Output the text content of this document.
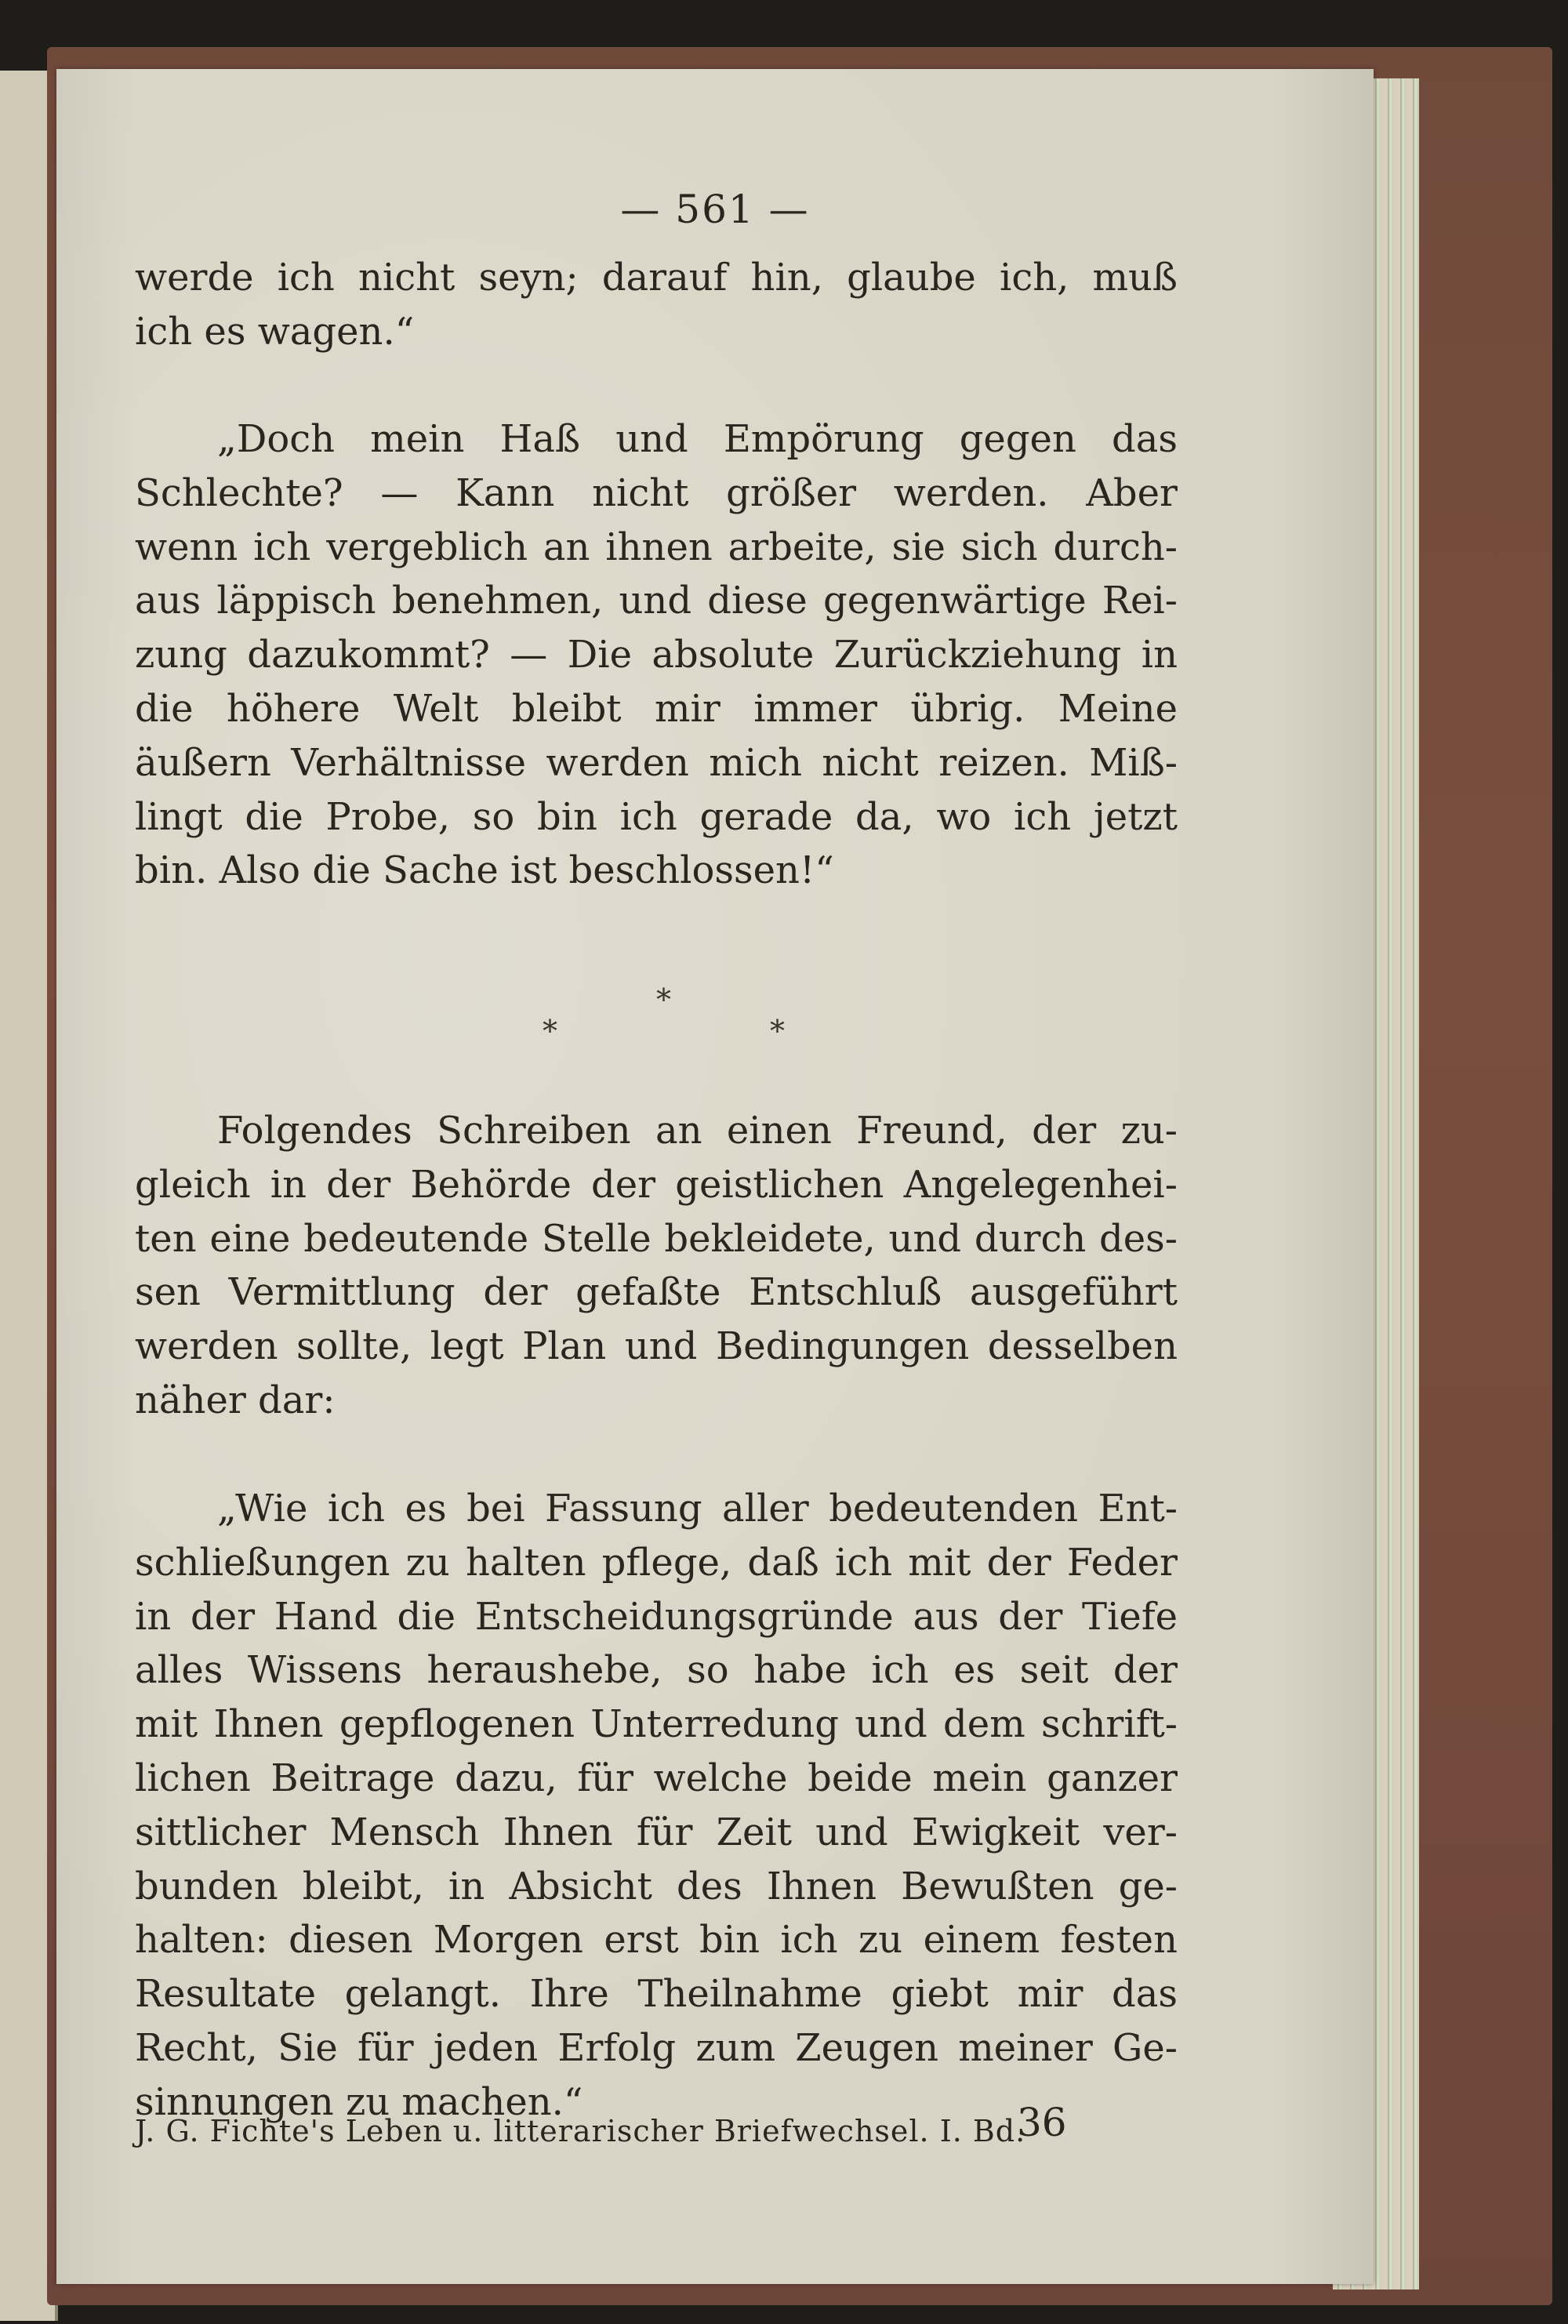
— 561 —
werde ich nicht seyn; darauf hin, glaube ich, muß
ich es wagen.“
„Doch mein Haß und Empörung gegen das
Schlechte? — Kann nicht größer werden. Aber
wenn ich vergeblich an ihnen arbeite, sie sich durch-
aus läppisch benehmen, und diese gegenwärtige Rei-
zung dazukommt? — Die absolute Zurückziehung in
die höhere Welt bleibt mir immer übrig. Meine
äußern Verhältnisse werden mich nicht reizen. Miß-
lingt die Probe, so bin ich gerade da, wo ich jetzt
bin. Also die Sache ist beschlossen!“
*
*	*
Folgendes Schreiben an einen Freund, der zu-
gleich in der Behörde der geistlichen Angelegenhei-
ten eine bedeutende Stelle bekleidete, und durch des-
sen Vermittlung der gefaßte Entschluß ausgeführt
werden sollte, legt Plan und Bedingungen desselben
näher dar:
„Wie ich es bei Fassung aller bedeutenden Ent-
schließungen zu halten pflege, daß ich mit der Feder
in der Hand die Entscheidungsgründe aus der Tiefe
alles Wissens heraushebe, so habe ich es seit der
mit Ihnen gepflogenen Unterredung und dem schrift-
lichen Beitrage dazu, für welche beide mein ganzer
sittlicher Mensch Ihnen für Zeit und Ewigkeit ver-
bunden bleibt, in Absicht des Ihnen Bewußten ge-
halten: diesen Morgen erst bin ich zu einem festen
Resultate gelangt. Ihre Theilnahme giebt mir das
Recht, Sie für jeden Erfolg zum Zeugen meiner Ge-
sinnungen zu machen.“
J. G. Fichte's Leben u. litterarischer Briefwechsel. I. Bd.
36
